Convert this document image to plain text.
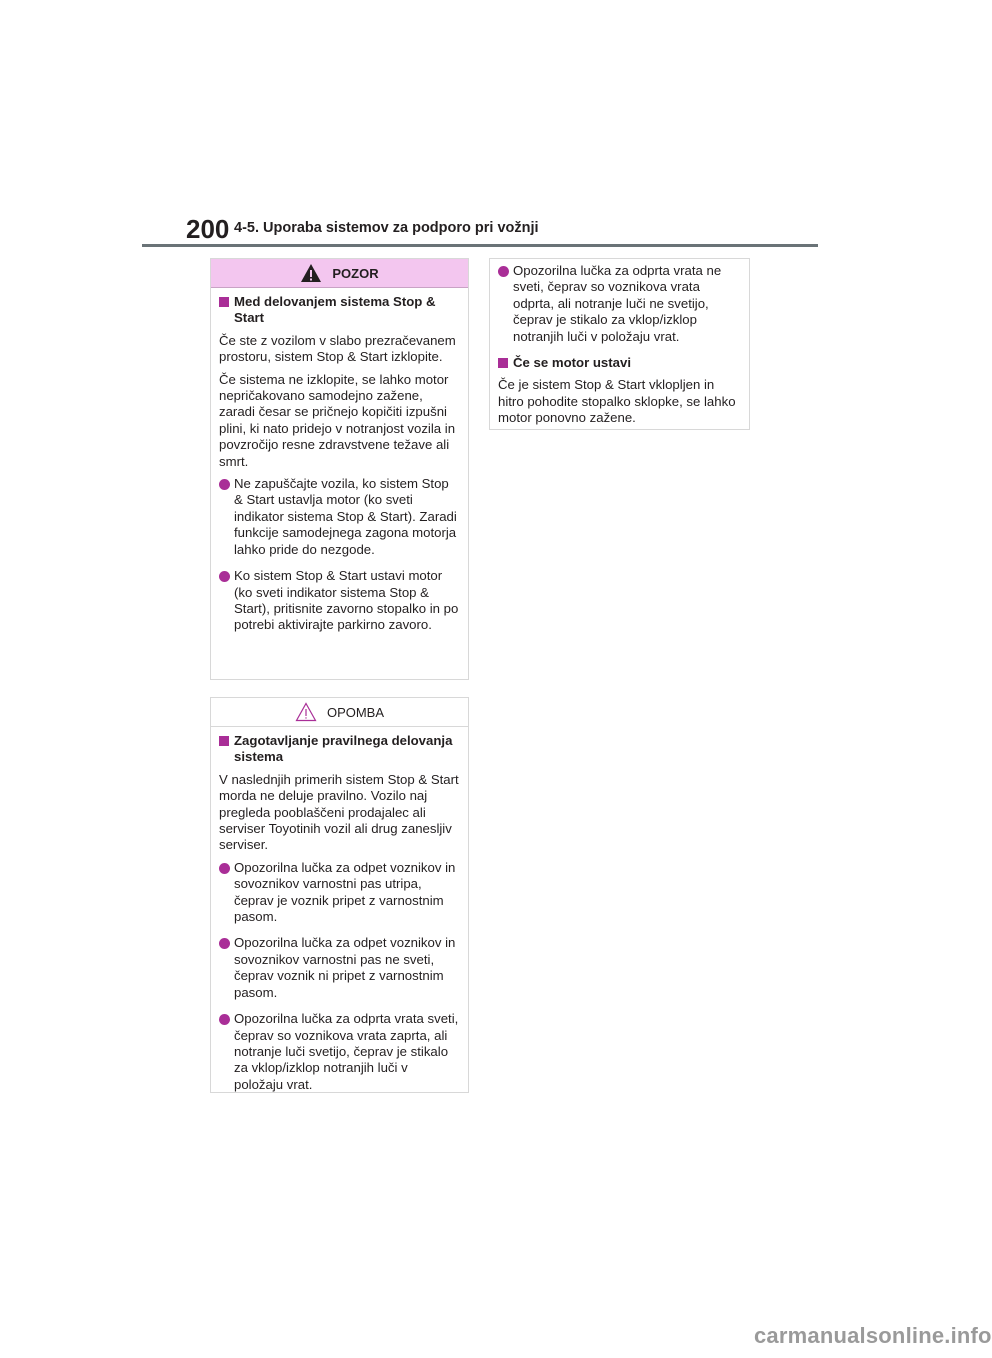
200 4-5. Uporaba sistemov za podporo pri vožnji
POZOR
Med delovanjem sistema Stop & Start
Če ste z vozilom v slabo prezračevanem prostoru, sistem Stop & Start izklopite.
Če sistema ne izklopite, se lahko motor nepričakovano samodejno zažene, zaradi česar se pričnejo kopičiti izpušni plini, ki nato pridejo v notranjost vozila in povzročijo resne zdravstvene težave ali smrt.
Ne zapuščajte vozila, ko sistem Stop & Start ustavlja motor (ko sveti indikator sistema Stop & Start). Zaradi funkcije samodejnega zagona motorja lahko pride do nezgode.
Ko sistem Stop & Start ustavi motor (ko sveti indikator sistema Stop & Start), pritisnite zavorno stopalko in po potrebi aktivirajte parkirno zavoro.
OPOMBA
Zagotavljanje pravilnega delovanja sistema
V naslednjih primerih sistem Stop & Start morda ne deluje pravilno. Vozilo naj pregleda pooblaščeni prodajalec ali serviser Toyotinih vozil ali drug zanesljiv serviser.
Opozorilna lučka za odpet voznikov in sovoznikov varnostni pas utripa, čeprav je voznik pripet z varnostnim pasom.
Opozorilna lučka za odpet voznikov in sovoznikov varnostni pas ne sveti, čeprav voznik ni pripet z varnostnim pasom.
Opozorilna lučka za odprta vrata sveti, čeprav so voznikova vrata zaprta, ali notranje luči svetijo, čeprav je stikalo za vklop/izklop notranjih luči v položaju vrat.
Opozorilna lučka za odprta vrata ne sveti, čeprav so voznikova vrata odprta, ali notranje luči ne svetijo, čeprav je stikalo za vklop/izklop notranjih luči v položaju vrat.
Če se motor ustavi
Če je sistem Stop & Start vklopljen in hitro pohodite stopalko sklopke, se lahko motor ponovno zažene.
carmanualsonline.info
